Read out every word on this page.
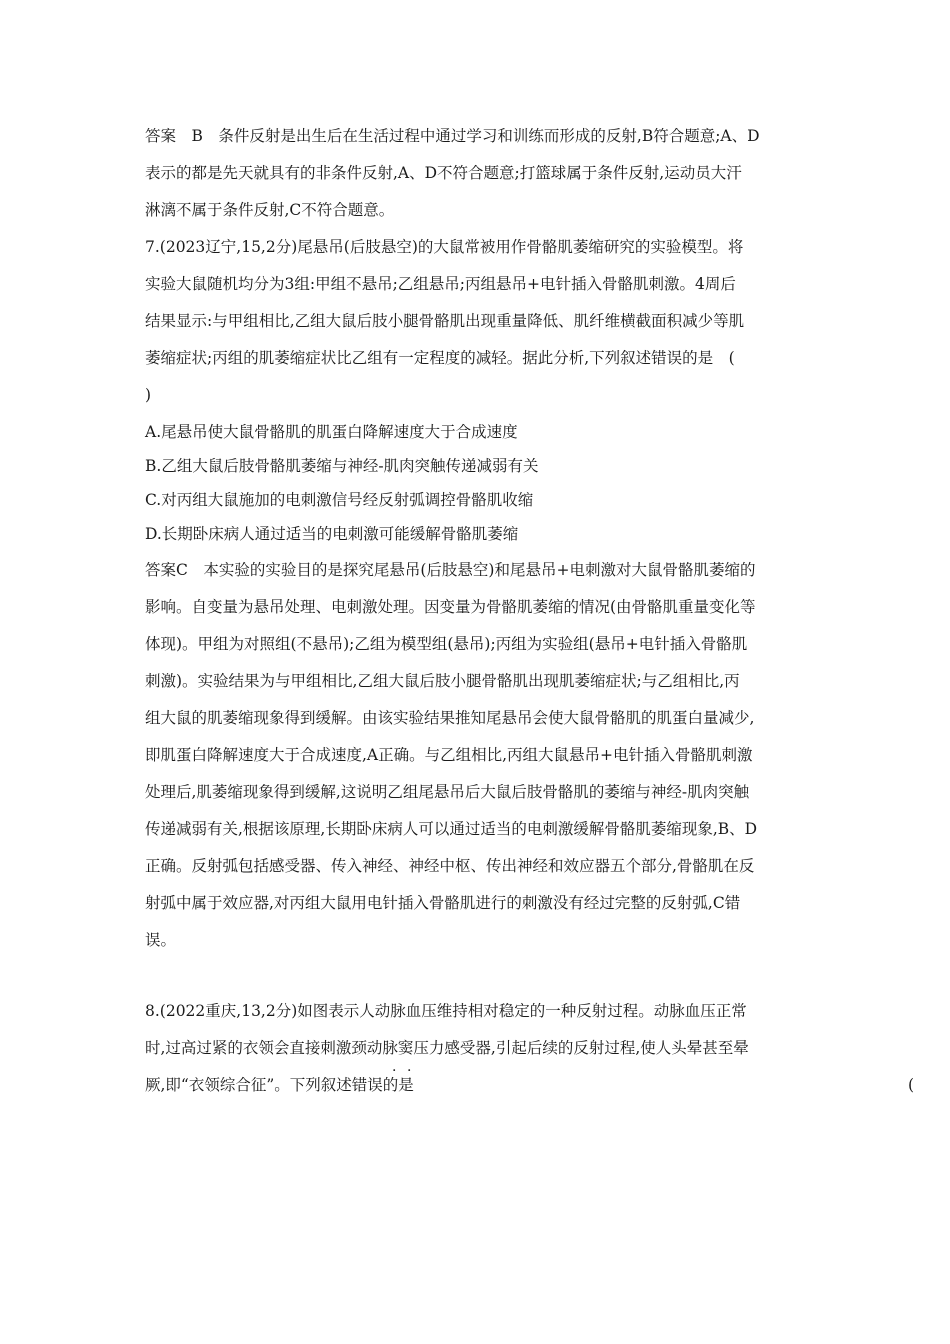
答案　B　条件反射是出生后在生活过程中通过学习和训练而形成的反射,B符合题意;A、D
表示的都是先天就具有的非条件反射,A、D不符合题意;打篮球属于条件反射,运动员大汗
淋漓不属于条件反射,C不符合题意。
7.(2023辽宁,15,2分)尾悬吊(后肢悬空)的大鼠常被用作骨骼肌萎缩研究的实验模型。将
实验大鼠随机均分为3组:甲组不悬吊;乙组悬吊;丙组悬吊+电针插入骨骼肌刺激。4周后
结果显示:与甲组相比,乙组大鼠后肢小腿骨骼肌出现重量降低、肌纤维横截面积减少等肌
萎缩症状;丙组的肌萎缩症状比乙组有一定程度的减轻。据此分析,下列叙述错误的是　(
)
A.尾悬吊使大鼠骨骼肌的肌蛋白降解速度大于合成速度
B.乙组大鼠后肢骨骼肌萎缩与神经-肌肉突触传递减弱有关
C.对丙组大鼠施加的电刺激信号经反射弧调控骨骼肌收缩
D.长期卧床病人通过适当的电刺激可能缓解骨骼肌萎缩
答案C　本实验的实验目的是探究尾悬吊(后肢悬空)和尾悬吊+电刺激对大鼠骨骼肌萎缩的
影响。自变量为悬吊处理、电刺激处理。因变量为骨骼肌萎缩的情况(由骨骼肌重量变化等
体现)。甲组为对照组(不悬吊);乙组为模型组(悬吊);丙组为实验组(悬吊+电针插入骨骼肌
刺激)。实验结果为与甲组相比,乙组大鼠后肢小腿骨骼肌出现肌萎缩症状;与乙组相比,丙
组大鼠的肌萎缩现象得到缓解。由该实验结果推知尾悬吊会使大鼠骨骼肌的肌蛋白量减少,
即肌蛋白降解速度大于合成速度,A正确。与乙组相比,丙组大鼠悬吊+电针插入骨骼肌刺激
处理后,肌萎缩现象得到缓解,这说明乙组尾悬吊后大鼠后肢骨骼肌的萎缩与神经-肌肉突触
传递减弱有关,根据该原理,长期卧床病人可以通过适当的电刺激缓解骨骼肌萎缩现象,B、D
正确。反射弧包括感受器、传入神经、神经中枢、传出神经和效应器五个部分,骨骼肌在反
射弧中属于效应器,对丙组大鼠用电针插入骨骼肌进行的刺激没有经过完整的反射弧,C错
误。
8.(2022重庆,13,2分)如图表示人动脉血压维持相对稳定的一种反射过程。动脉血压正常
时,过高过紧的衣领会直接刺激颈动脉窦压力感受器,引起后续的反射过程,使人头晕甚至晕
· ·
厥,即“衣领综合征”。下列叙述错误的是	(
